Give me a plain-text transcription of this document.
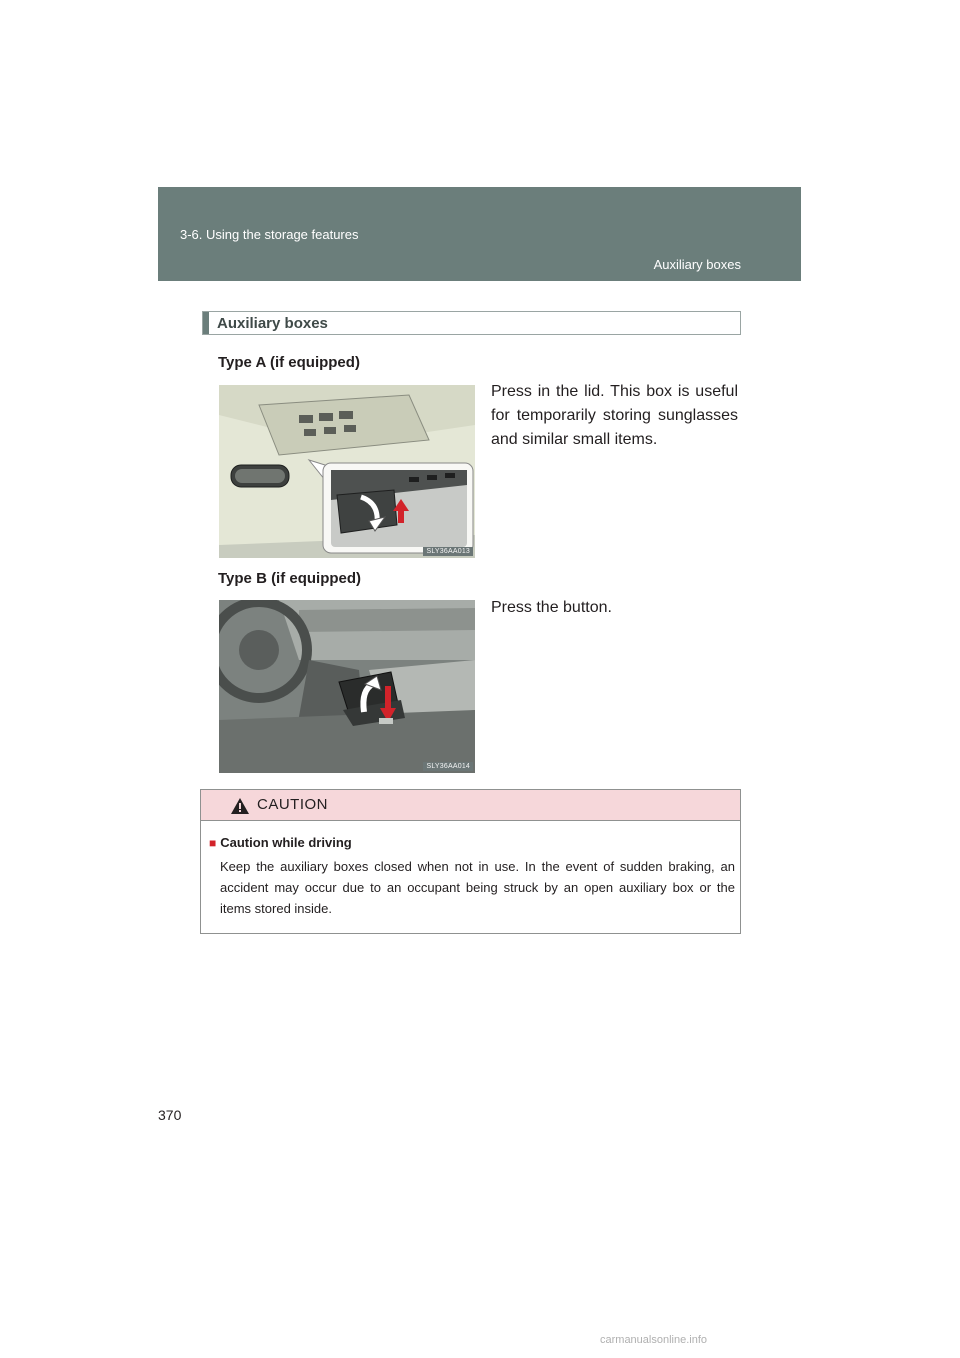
3-6. Using the storage features
Auxiliary boxes
Auxiliary boxes
Type A (if equipped)
SLY36AA013
Press in the lid. This box is useful for temporarily storing sunglasses and similar small items.
Type B (if equipped)
SLY36AA014
Press the button.
CAUTION
■ Caution while driving
Keep the auxiliary boxes closed when not in use. In the event of sudden braking, an accident may occur due to an occupant being struck by an open auxiliary box or the items stored inside.
370
carmanualsonline.info
